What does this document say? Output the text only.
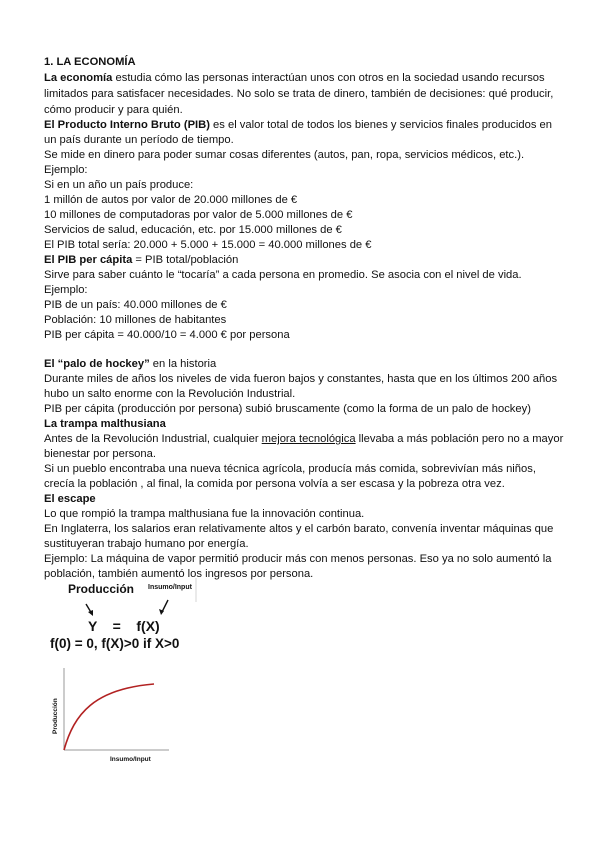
1. LA ECONOMÍA
La economía estudia cómo las personas interactúan unos con otros en la sociedad usando recursos
limitados para satisfacer necesidades. No solo se trata de dinero, también de decisiones: qué producir,
cómo producir y para quién.
El Producto Interno Bruto (PIB) es el valor total de todos los bienes y servicios finales producidos en
un país durante un período de tiempo.
Se mide en dinero para poder sumar cosas diferentes (autos, pan, ropa, servicios médicos, etc.).
Ejemplo:
Si en un año un país produce:
1 millón de autos por valor de 20.000 millones de €
10 millones de computadoras por valor de 5.000 millones de €
Servicios de salud, educación, etc. por 15.000 millones de €
El PIB total sería: 20.000 + 5.000 + 15.000 = 40.000 millones de €
El PIB per cápita = PIB total/población
Sirve para saber cuánto le “tocaría” a cada persona en promedio. Se asocia con el nivel de vida.
Ejemplo:
PIB de un país: 40.000 millones de €
Población: 10 millones de habitantes
PIB per cápita = 40.000/10 = 4.000 € por persona
El “palo de hockey” en la historia
Durante miles de años los niveles de vida fueron bajos y constantes, hasta que en los últimos 200 años
hubo un salto enorme con la Revolución Industrial.
PIB per cápita (producción por persona) subió bruscamente (como la forma de un palo de hockey)
La trampa malthusiana
Antes de la Revolución Industrial, cualquier mejora tecnológica llevaba a más población pero no a mayor
bienestar por persona.
Si un pueblo encontraba una nueva técnica agrícola, producía más comida, sobrevivían más niños,
crecía la población , al final, la comida por persona volvía a ser escasa y la pobreza otra vez.
El escape
Lo que rompió la trampa malthusiana fue la innovación continua.
En Inglaterra, los salarios eran relativamente altos y el carbón barato, convenía inventar máquinas que
sustituyeran trabajo humano por energía.
Ejemplo: La máquina de vapor permitió producir más con menos personas. Eso ya no solo aumentó la
población, también aumentó los ingresos por persona.
Producción Insumo/Input
Y    =    f(X)
f(0) = 0, f(X)>0 if X>0
Producción
Insumo/Input
